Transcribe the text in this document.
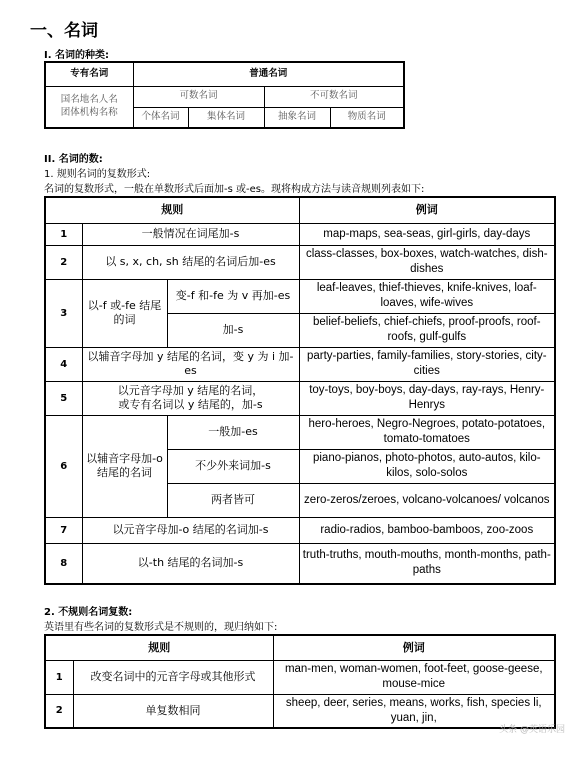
一、名词
I. 名词的种类:
专有名词	普通名词			
国名地名人名
团体机构名称	可数名词		不可数名词	
	个体名词	集体名词	抽象名词	物质名词
II. 名词的数:
1. 规则名词的复数形式:
名词的复数形式，一般在单数形式后面加-s 或-es。现将构成方法与读音规则列表如下:
规则			例词
1	一般情况在词尾加-s		map-maps, sea-seas, girl-girls, day-days
2	以 s, x, ch, sh 结尾的名词后加-es		class-classes, box-boxes, watch-watches, dish-dishes
3	以-f 或-fe 结尾的词	变-f 和-fe 为 v 再加-es	leaf-leaves, thief-thieves, knife-knives, loaf-loaves, wife-wives
		加-s	belief-beliefs, chief-chiefs, proof-proofs, roof-roofs, gulf-gulfs
4	以辅音字母加 y 结尾的名词，变 y 为 i 加-es		party-parties, family-families, story-stories, city-cities
5	以元音字母加 y 结尾的名词，
或专有名词以 y 结尾的，加-s		toy-toys, boy-boys, day-days, ray-rays, Henry-Henrys
6	以辅音字母加-o 结尾的名词	一般加-es	hero-heroes, Negro-Negroes, potato-potatoes, tomato-tomatoes
		不少外来词加-s	piano-pianos, photo-photos, auto-autos, kilo-kilos, solo-solos
		两者皆可	zero-zeros/zeroes, volcano-volcanoes/ volcanos
7	以元音字母加-o 结尾的名词加-s		radio-radios, bamboo-bamboos, zoo-zoos
8	以-th 结尾的名词加-s		truth-truths, mouth-mouths, month-months, path-paths
2. 不规则名词复数:
英语里有些名词的复数形式是不规则的，现归纳如下:
规则		例词
1	改变名词中的元音字母或其他形式	man-men, woman-women, foot-feet, goose-geese, mouse-mice
2	单复数相同	sheep, deer, series, means, works, fish, species li, yuan, jin,
头条 @英语乐园
